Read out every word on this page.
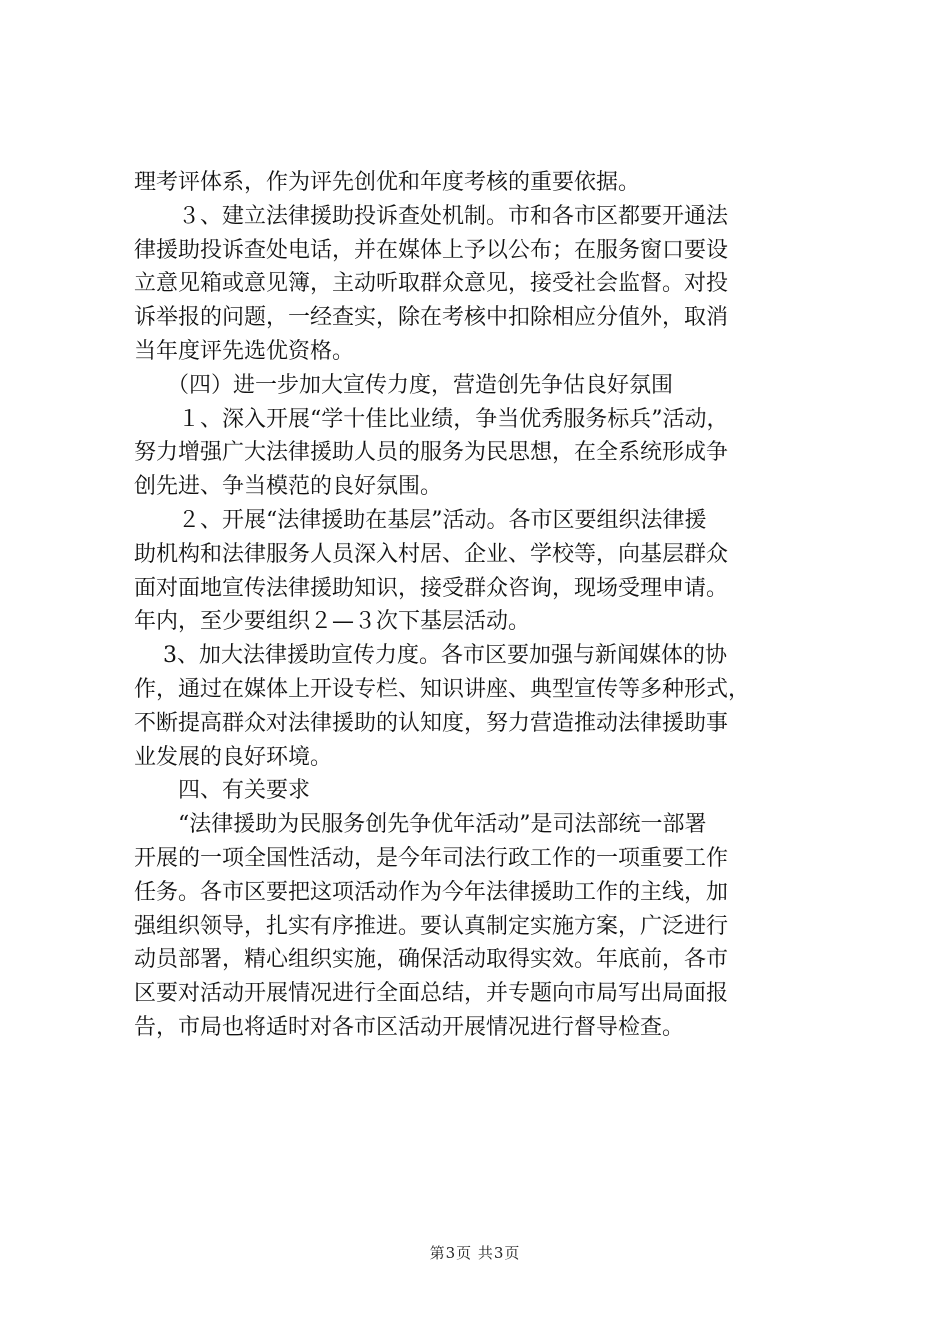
理考评体系，作为评先创优和年度考核的重要依据。
　　３、建立法律援助投诉查处机制。市和各市区都要开通法
律援助投诉查处电话，并在媒体上予以公布；在服务窗口要设
立意见箱或意见簿，主动听取群众意见，接受社会监督。对投
诉举报的问题，一经查实，除在考核中扣除相应分值外，取消
当年度评先选优资格。
　　（四）进一步加大宣传力度，营造创先争估良好氛围
　　１、深入开展“学十佳比业绩，争当优秀服务标兵”活动，
努力增强广大法律援助人员的服务为民思想，在全系统形成争
创先进、争当模范的良好氛围。
　　２、开展“法律援助在基层”活动。各市区要组织法律援
助机构和法律服务人员深入村居、企业、学校等，向基层群众
面对面地宣传法律援助知识，接受群众咨询，现场受理申请。
年内，至少要组织２—３次下基层活动。
　 3、加大法律援助宣传力度。各市区要加强与新闻媒体的协
作，通过在媒体上开设专栏、知识讲座、典型宣传等多种形式，
不断提高群众对法律援助的认知度，努力营造推动法律援助事
业发展的良好环境。
　　四、有关要求
　　“法律援助为民服务创先争优年活动”是司法部统一部署
开展的一项全国性活动，是今年司法行政工作的一项重要工作
任务。各市区要把这项活动作为今年法律援助工作的主线，加
强组织领导，扎实有序推进。要认真制定实施方案，广泛进行
动员部署，精心组织实施，确保活动取得实效。年底前，各市
区要对活动开展情况进行全面总结，并专题向市局写出局面报
告，市局也将适时对各市区活动开展情况进行督导检查。
第3页 共3页
